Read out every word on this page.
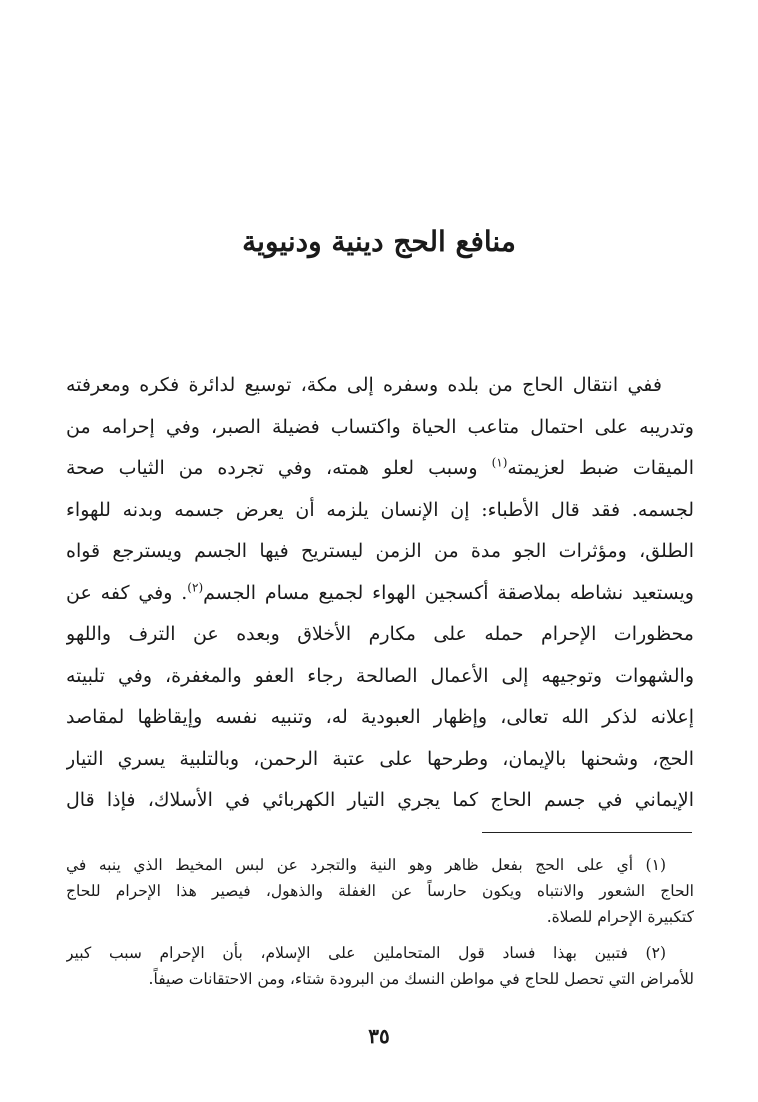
منافع الحج دينية ودنيوية
ففي انتقال الحاج من بلده وسفره إلى مكة، توسيع لدائرة فكره ومعرفته
وتدريبه على احتمال متاعب الحياة واكتساب فضيلة الصبر، وفي إحرامه من
الميقات ضبط لعزيمته$^{(١)}$ وسبب لعلو همته، وفي تجرده من الثياب صحة
لجسمه. فقد قال الأطباء: إن الإنسان يلزمه أن يعرض جسمه وبدنه للهواء
الطلق، ومؤثرات الجو مدة من الزمن ليستريح فيها الجسم ويسترجع قواه
ويستعيد نشاطه بملاصقة أكسجين الهواء لجميع مسام الجسم$^{(٢)}$. وفي كفه عن
محظورات الإحرام حمله على مكارم الأخلاق وبعده عن الترف واللهو
والشهوات وتوجيهه إلى الأعمال الصالحة رجاء العفو والمغفرة، وفي تلبيته
إعلانه لذكر الله تعالى، وإظهار العبودية له، وتنبيه نفسه وإيقاظها لمقاصد
الحج، وشحنها بالإيمان، وطرحها على عتبة الرحمن، وبالتلبية يسري التيار
الإيماني في جسم الحاج كما يجري التيار الكهربائي في الأسلاك، فإذا قال
(١) أي على الحج بفعل ظاهر وهو النية والتجرد عن لبس المخيط الذي ينبه في
الحاج الشعور والانتباه ويكون حارساً عن الغفلة والذهول، فيصير هذا الإحرام للحاج
كتكبيرة الإحرام للصلاة.
(٢) فتبين بهذا فساد قول المتحاملين على الإسلام، بأن الإحرام سبب كبير
للأمراض التي تحصل للحاج في مواطن النسك من البرودة شتاء، ومن الاحتقانات صيفاً.
٣٥
